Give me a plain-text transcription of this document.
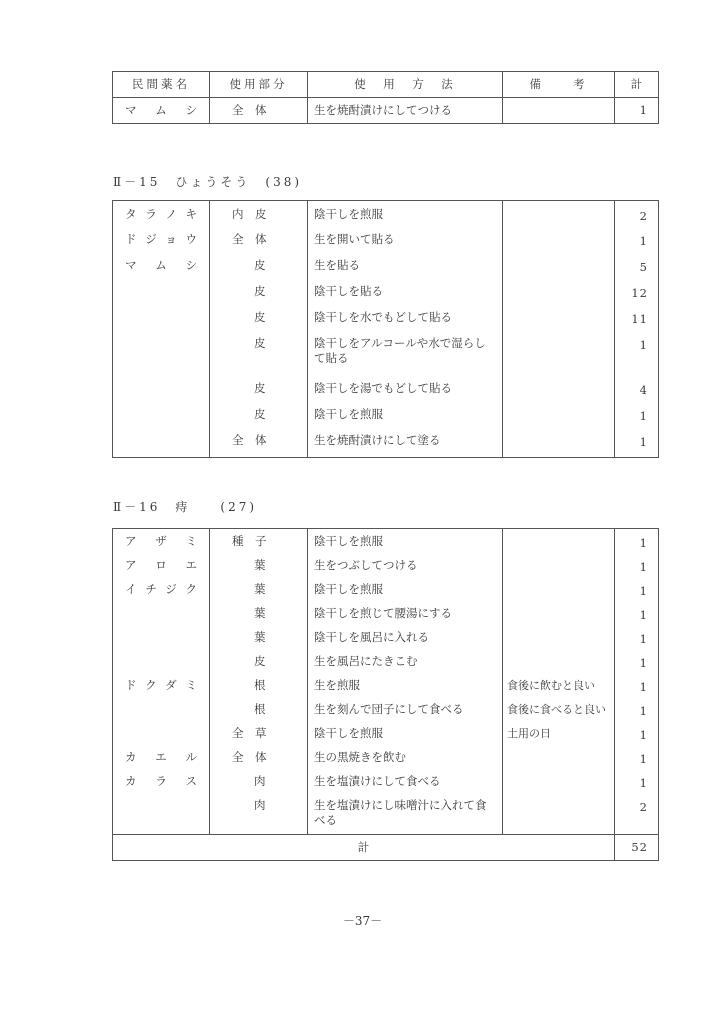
民間薬名	使用部分	使　用　方　法	備　　考	計
マムシ	全　体	生を焼酎漬けにしてつける		1
Ⅱ－15　ひょうそう　(38)
タラノキ	内　皮	陰干しを煎服		2
ドジョウ	全　体	生を開いて貼る		1
マムシ	皮	生を貼る		5
	皮	陰干しを貼る		12
	皮	陰干しを水でもどして貼る		11
	皮	陰干しをアルコールや水で湿らして貼る		1
	皮	陰干しを湯でもどして貼る		4
	皮	陰干しを煎服		1
	全　体	生を焼酎漬けにして塗る		1
Ⅱ－16　痔　　(27)
アザミ	種　子	陰干しを煎服		1
アロエ	葉	生をつぶしてつける		1
イチジク	葉	陰干しを煎服		1
	葉	陰干しを煎じて腰湯にする		1
	葉	陰干しを風呂に入れる		1
	皮	生を風呂にたきこむ		1
ドクダミ	根	生を煎服	食後に飲むと良い	1
	根	生を刻んで団子にして食べる	食後に食べると良い	1
	全　草	陰干しを煎服	土用の日	1
カエル	全　体	生の黒焼きを飲む		1
カラス	肉	生を塩漬けにして食べる		1
	肉	生を塩漬けにし味噌汁に入れて食べる		2
計				52
－37－
